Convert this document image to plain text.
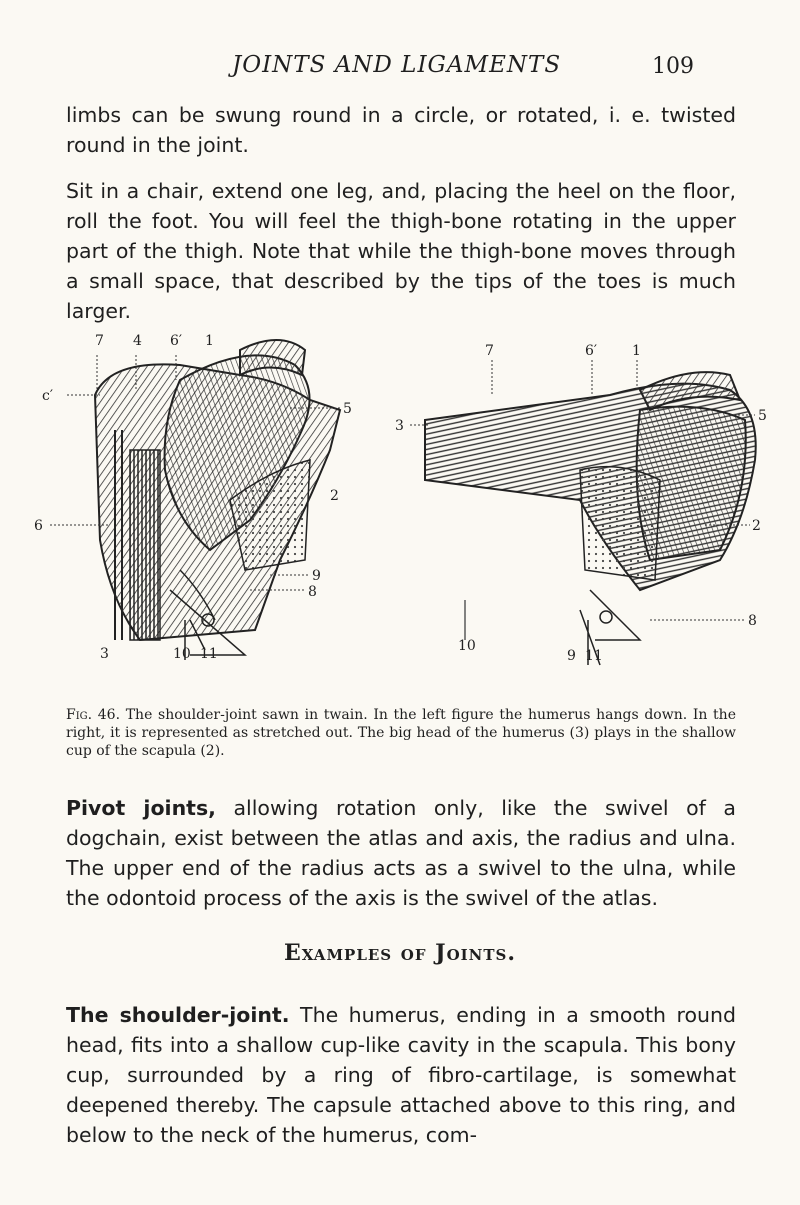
JOINTS AND LIGAMENTS	109

limbs can be swung round in a circle, or rotated, i. e. twisted round in the joint.

Sit in a chair, extend one leg, and, placing the heel on the floor, roll the foot. You will feel the thigh-bone rotating in the upper part of the thigh. Note that while the thigh-bone moves through a small space, that described by the tips of the toes is much larger.

7 4 6′ 1
c′
5
6
2
9
8
3	10 11
7	6′ 1
3
5
2
8
10
9 11

Fig. 46. The shoulder-joint sawn in twain. In the left figure the humerus hangs down. In the right, it is represented as stretched out. The big head of the humerus (3) plays in the shallow cup of the scapula (2).

Pivot joints, allowing rotation only, like the swivel of a dogchain, exist between the atlas and axis, the radius and ulna. The upper end of the radius acts as a swivel to the ulna, while the odontoid process of the axis is the swivel of the atlas.

Examples of Joints.

The shoulder-joint. The humerus, ending in a smooth round head, fits into a shallow cup-like cavity in the scapula. This bony cup, surrounded by a ring of fibro-cartilage, is somewhat deepened thereby. The capsule attached above to this ring, and below to the neck of the humerus, com-
